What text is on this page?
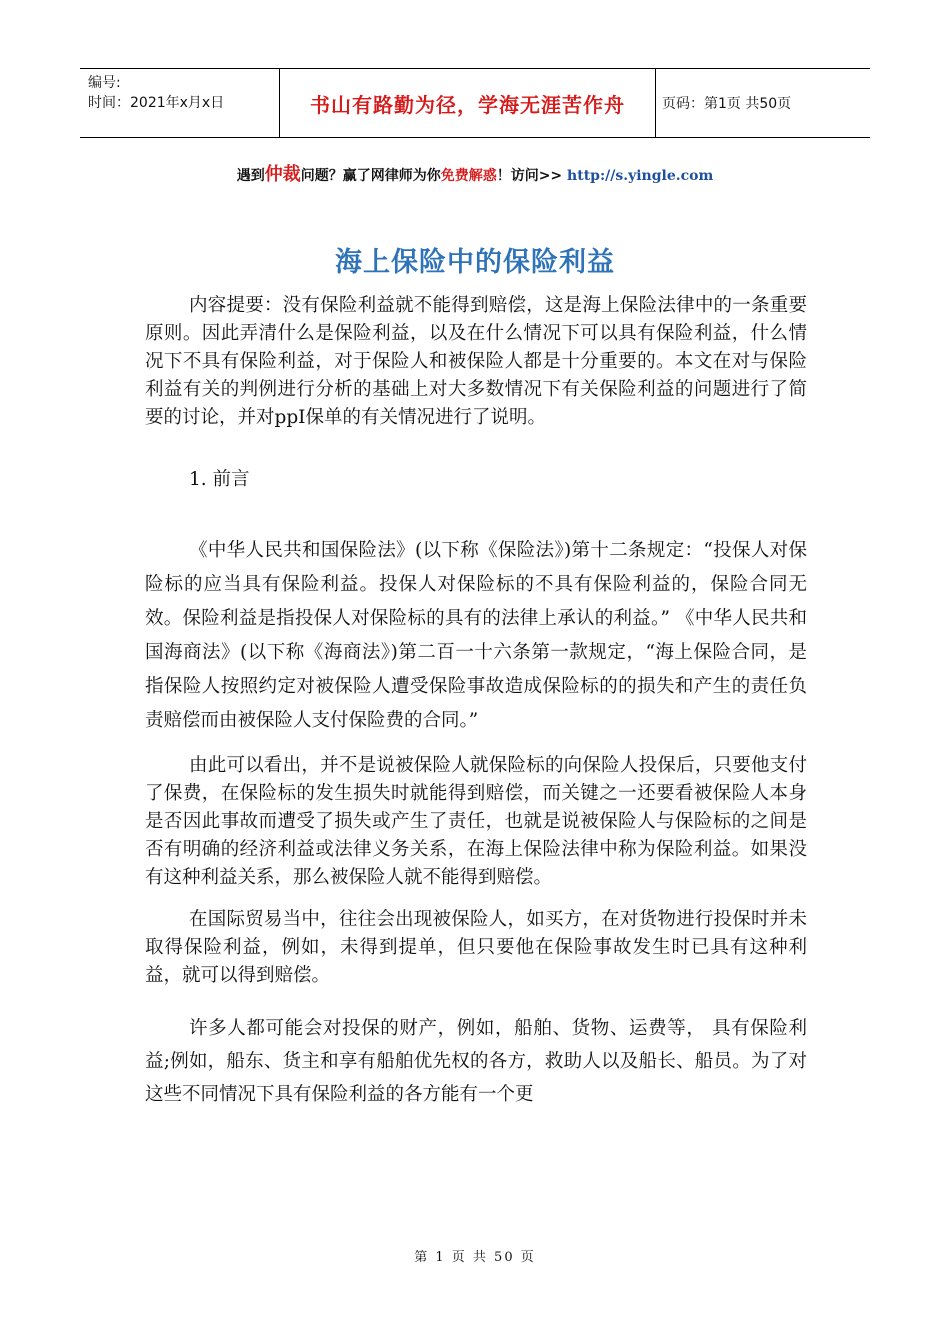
编号:
时间：2021年x月x日	书山有路勤为径，学海无涯苦作舟	页码：第1页 共50页
遇到仲裁问题？赢了网律师为你免费解惑！访问>> http://s.yingle.com
海上保险中的保险利益

内容提要：没有保险利益就不能得到赔偿，这是海上保险法律中的一条重要原则。因此弄清什么是保险利益，以及在什么情况下可以具有保险利益，什么情况下不具有保险利益，对于保险人和被保险人都是十分重要的。本文在对与保险利益有关的判例进行分析的基础上对大多数情况下有关保险利益的问题进行了简要的讨论，并对ppI保单的有关情况进行了说明。

1. 前言

《中华人民共和国保险法》(以下称《保险法》)第十二条规定：“投保人对保险标的应当具有保险利益。投保人对保险标的不具有保险利益的，保险合同无效。保险利益是指投保人对保险标的具有的法律上承认的利益。” 《中华人民共和国海商法》(以下称《海商法》)第二百一十六条第一款规定，“海上保险合同，是指保险人按照约定对被保险人遭受保险事故造成保险标的的损失和产生的责任负责赔偿而由被保险人支付保险费的合同。”

由此可以看出，并不是说被保险人就保险标的向保险人投保后，只要他支付了保费，在保险标的发生损失时就能得到赔偿，而关键之一还要看被保险人本身是否因此事故而遭受了损失或产生了责任，也就是说被保险人与保险标的之间是否有明确的经济利益或法律义务关系，在海上保险法律中称为保险利益。如果没有这种利益关系，那么被保险人就不能得到赔偿。

在国际贸易当中，往往会出现被保险人，如买方，在对货物进行投保时并未取得保险利益，例如，未得到提单，但只要他在保险事故发生时已具有这种利益，就可以得到赔偿。

许多人都可能会对投保的财产，例如，船舶、货物、运费等， 具有保险利益;例如，船东、货主和享有船舶优先权的各方，救助人以及船长、船员。为了对这些不同情况下具有保险利益的各方能有一个更

第 1 页 共 50 页
